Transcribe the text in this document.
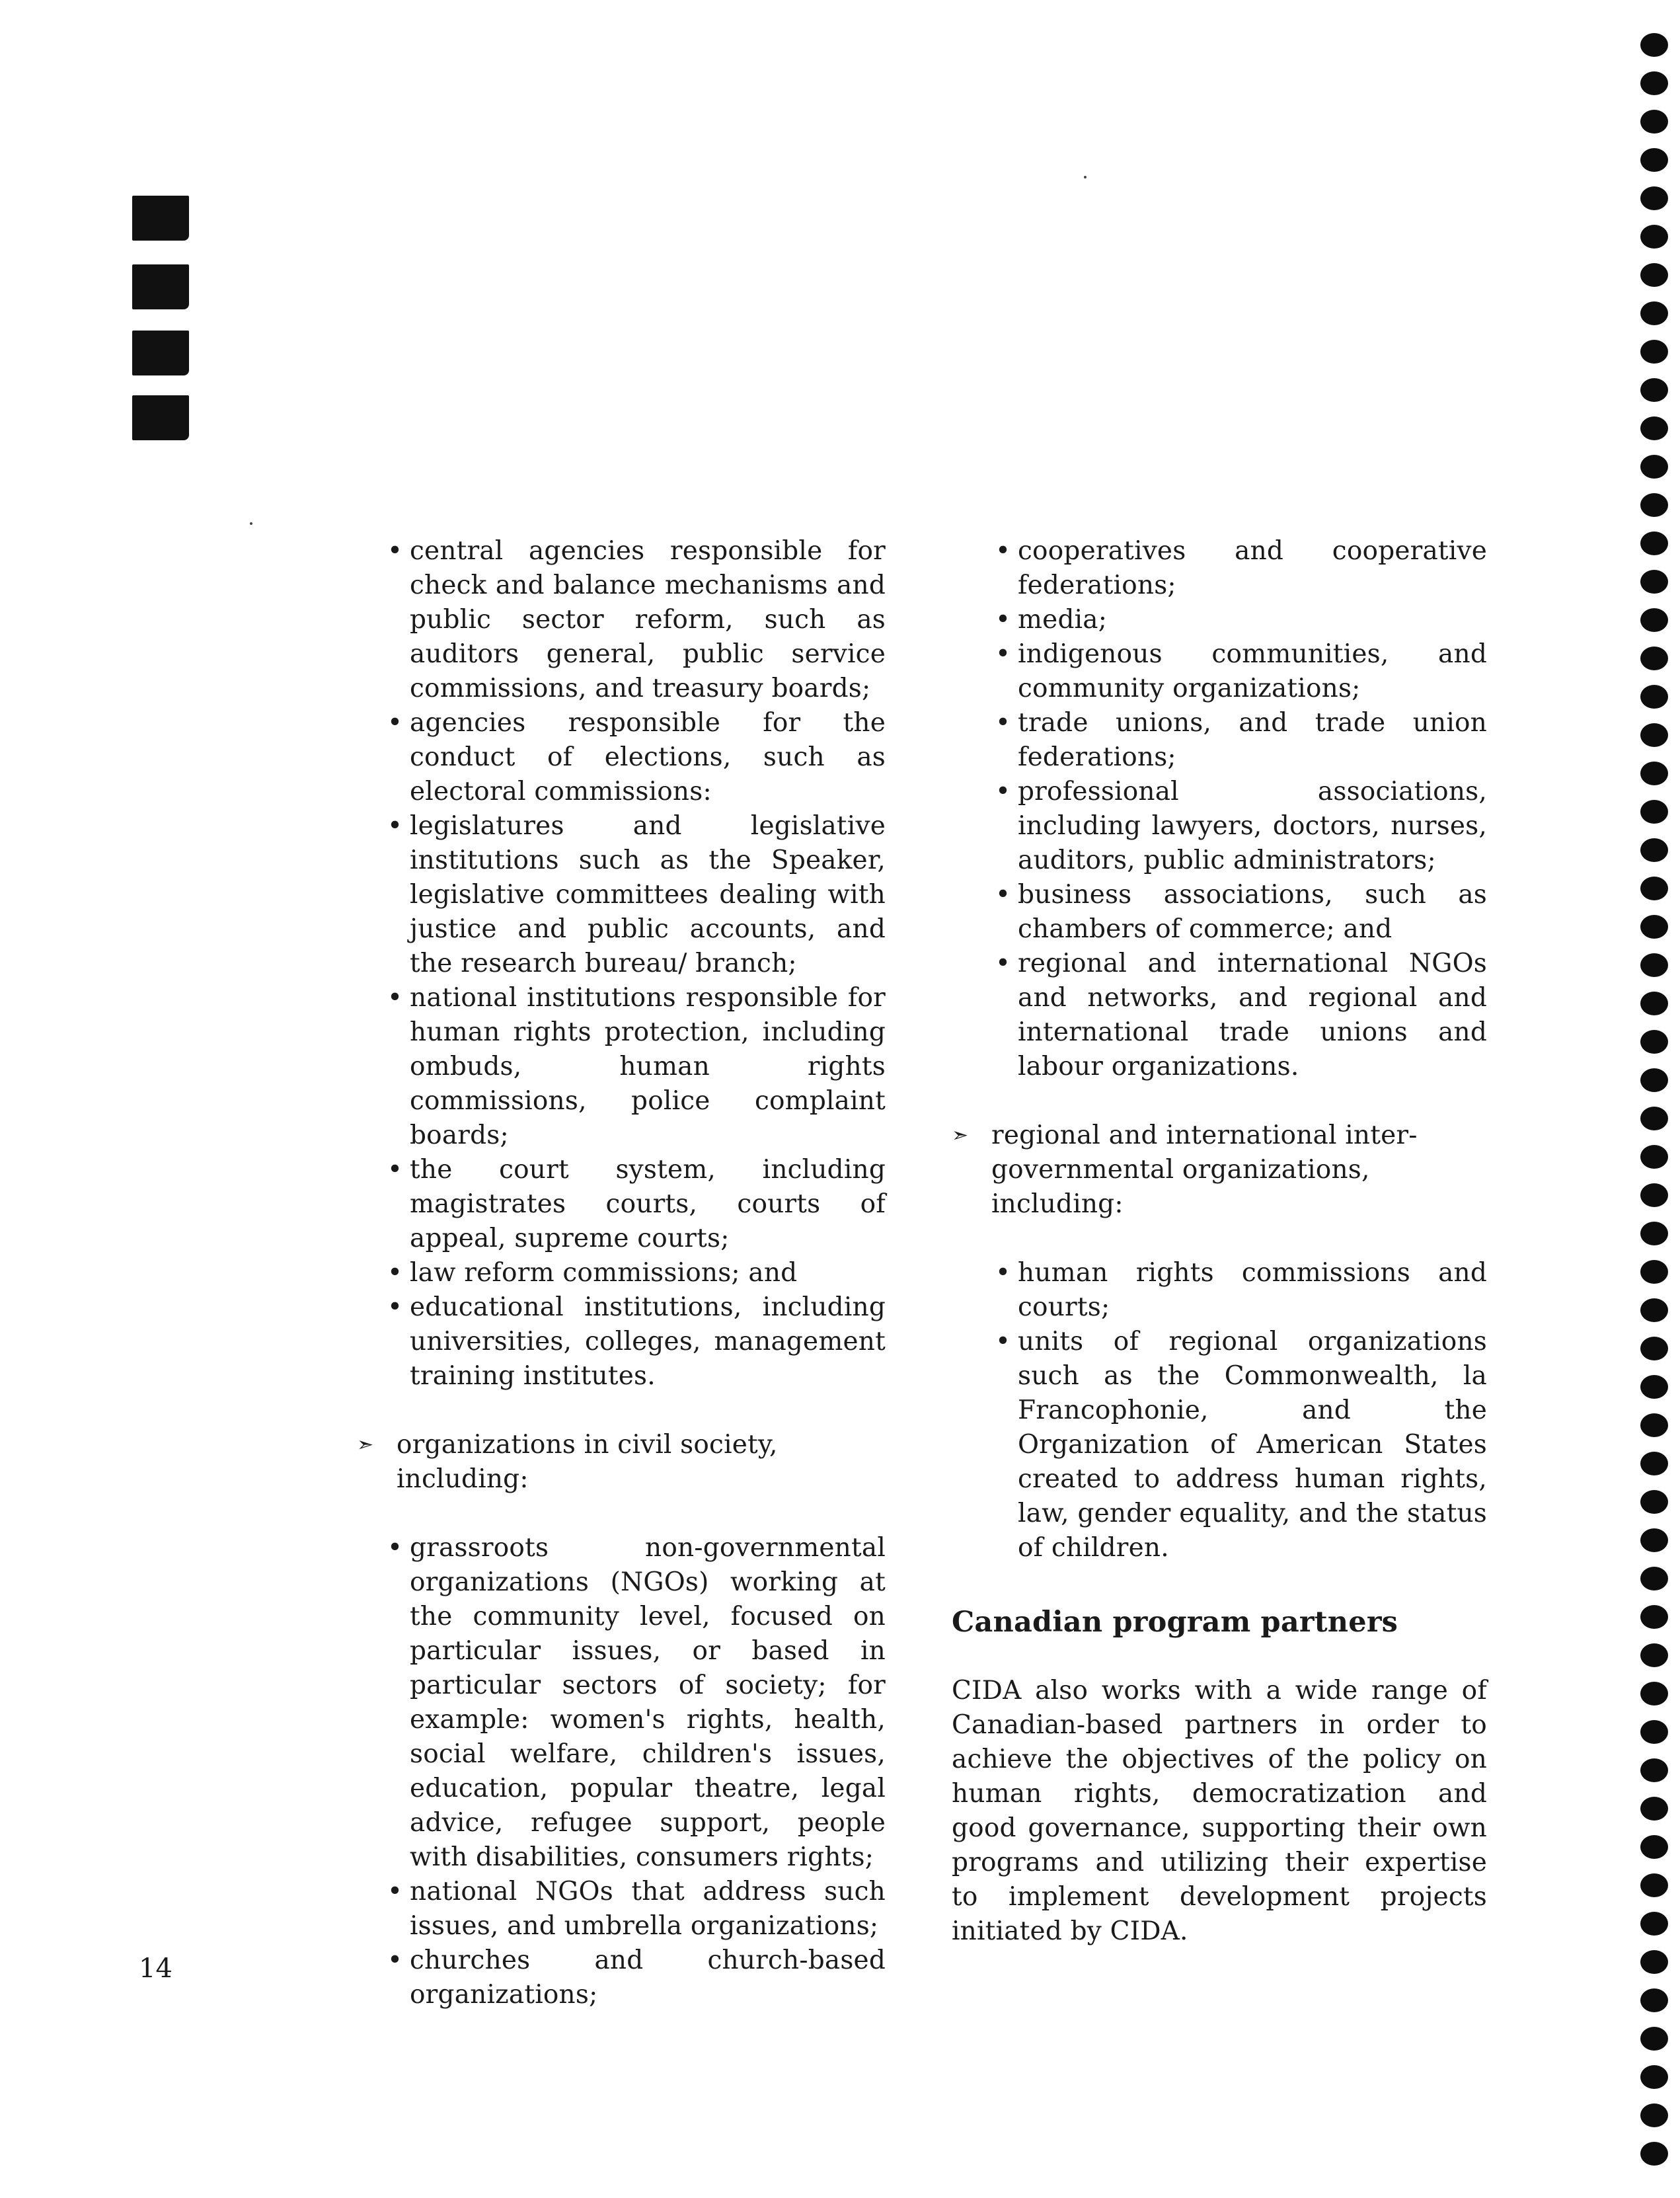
• central agencies responsible for check and balance mechanisms and public sector reform, such as auditors general, public service commissions, and treasury boards;
• agencies responsible for the conduct of elections, such as electoral commissions:
• legislatures and legislative institutions such as the Speaker, legislative committees dealing with justice and public accounts, and the research bureau/ branch;
• national institutions responsible for human rights protection, including ombuds, human rights commissions, police complaint boards;
• the court system, including magistrates courts, courts of appeal, supreme courts;
• law reform commissions; and
• educational institutions, including universities, colleges, management training institutes.
➣ organizations in civil society, including:
• grassroots non-governmental organizations (NGOs) working at the community level, focused on particular issues, or based in particular sectors of society; for example: women's rights, health, social welfare, children's issues, education, popular theatre, legal advice, refugee support, people with disabilities, consumers rights;
• national NGOs that address such issues, and umbrella organizations;
• churches and church-based organizations;
• cooperatives and cooperative federations;
• media;
• indigenous communities, and community organizations;
• trade unions, and trade union federations;
• professional associations, including lawyers, doctors, nurses, auditors, public administrators;
• business associations, such as chambers of commerce; and
• regional and international NGOs and networks, and regional and international trade unions and labour organizations.
➣ regional and international inter-governmental organizations, including:
• human rights commissions and courts;
• units of regional organizations such as the Commonwealth, la Francophonie, and the Organization of American States created to address human rights, law, gender equality, and the status of children.
Canadian program partners

CIDA also works with a wide range of Canadian-based partners in order to achieve the objectives of the policy on human rights, democratization and good governance, supporting their own programs and utilizing their expertise to implement development projects initiated by CIDA.

14
